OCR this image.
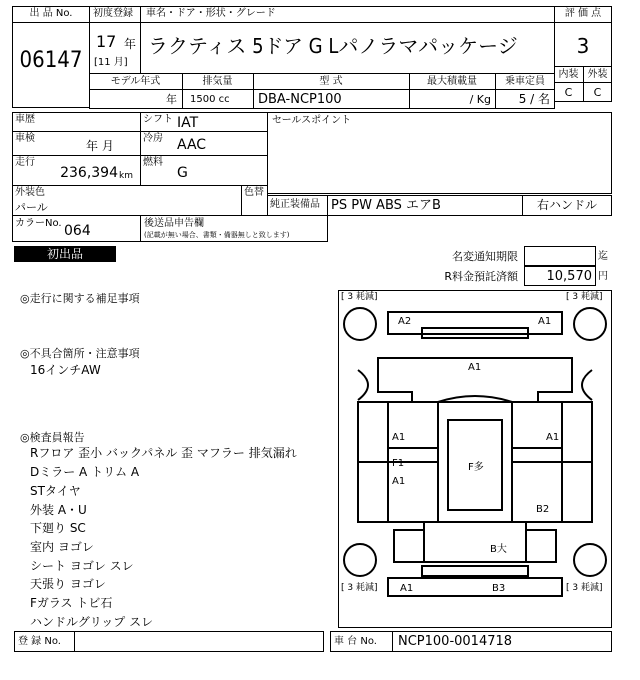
出 品 No.
06147
初度登録 車名・ドア・形状・グレード
17 年
[11 月]
ラクティス 5ドア G Lパノラマパッケージ
評 価 点
3
内装 外装
C	C
モデル年式	排気量	型 式	最大積載量	乗車定員
年 1500 cc DBA-NCP100	/ Kg	5 / 名
車歴	シフト IAT
車検
年 月
冷房 AAC
走行
236,394 km
燃料
G
外装色
パール
色替
セールスポイント
純正装備品 PS PW ABS エアB	右ハンドル
カラーNo. 064	後送品申告欄
(記載が無い場合、書類・備器無しと致します)
初出品	名変通知期限	迄
R料金預託済額	10,570 円
◎走行に関する補足事項
◎不具合箇所・注意事項
16インチAW
◎検査員報告
Rフロア 歪小 バックパネル 歪 マフラー 排気漏れ
Dミラー A トリム A
STタイヤ
外装 A・U
下廻り SC
室内 ヨゴレ
シート ヨゴレ スレ
天張り ヨゴレ
Fガラス トビ石
ハンドルグリップ スレ
[ 3 耗減]	[ 3 耗減]
[ 3 耗減]	[ 3 耗減]
A2	A1
A1
A1	A1
F1
A1
F多
B2
B大
A1	B3
登 録 No.	車 台 No. NCP100-0014718
